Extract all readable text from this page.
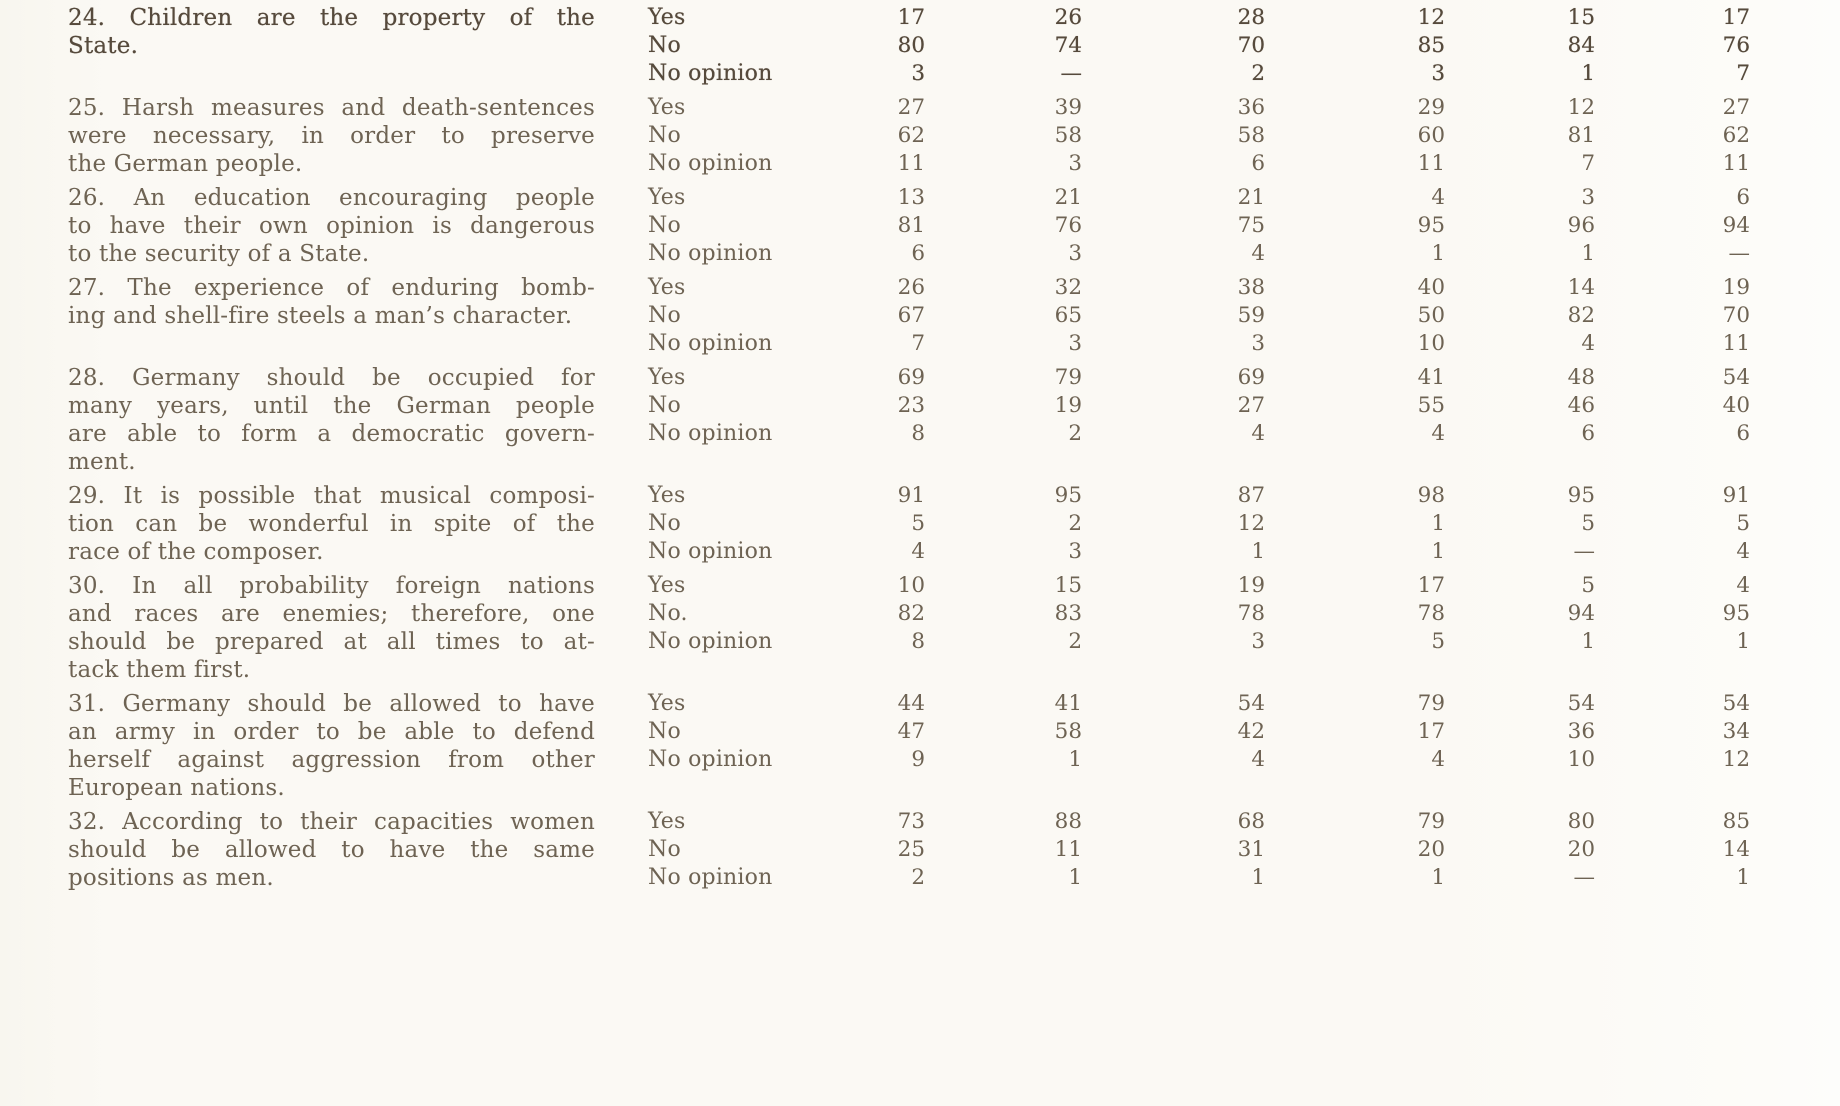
24. Children are the property of the
State.
Yes	17	26	28	12	15	17
No	80	74	70	85	84	76
No opinion	3	—	2	3	1	7
25. Harsh measures and death-sentences
were necessary, in order to preserve
the German people.
Yes	27	39	36	29	12	27
No	62	58	58	60	81	62
No opinion	11	3	6	11	7	11
26. An education encouraging people
to have their own opinion is dangerous
to the security of a State.
Yes	13	21	21	4	3	6
No	81	76	75	95	96	94
No opinion	6	3	4	1	1	—
27. The experience of enduring bomb-
ing and shell-fire steels a man’s character.
Yes	26	32	38	40	14	19
No	67	65	59	50	82	70
No opinion	7	3	3	10	4	11
28. Germany should be occupied for
many years, until the German people
are able to form a democratic govern-
ment.
Yes	69	79	69	41	48	54
No	23	19	27	55	46	40
No opinion	8	2	4	4	6	6
29. It is possible that musical composi-
tion can be wonderful in spite of the
race of the composer.
Yes	91	95	87	98	95	91
No	5	2	12	1	5	5
No opinion	4	3	1	1	—	4
30. In all probability foreign nations
and races are enemies; therefore, one
should be prepared at all times to at-
tack them first.
Yes	10	15	19	17	5	4
No.	82	83	78	78	94	95
No opinion	8	2	3	5	1	1
31. Germany should be allowed to have
an army in order to be able to defend
herself against aggression from other
European nations.
Yes	44	41	54	79	54	54
No	47	58	42	17	36	34
No opinion	9	1	4	4	10	12
32. According to their capacities women
should be allowed to have the same
positions as men.
Yes	73	88	68	79	80	85
No	25	11	31	20	20	14
No opinion	2	1	1	1	—	1
